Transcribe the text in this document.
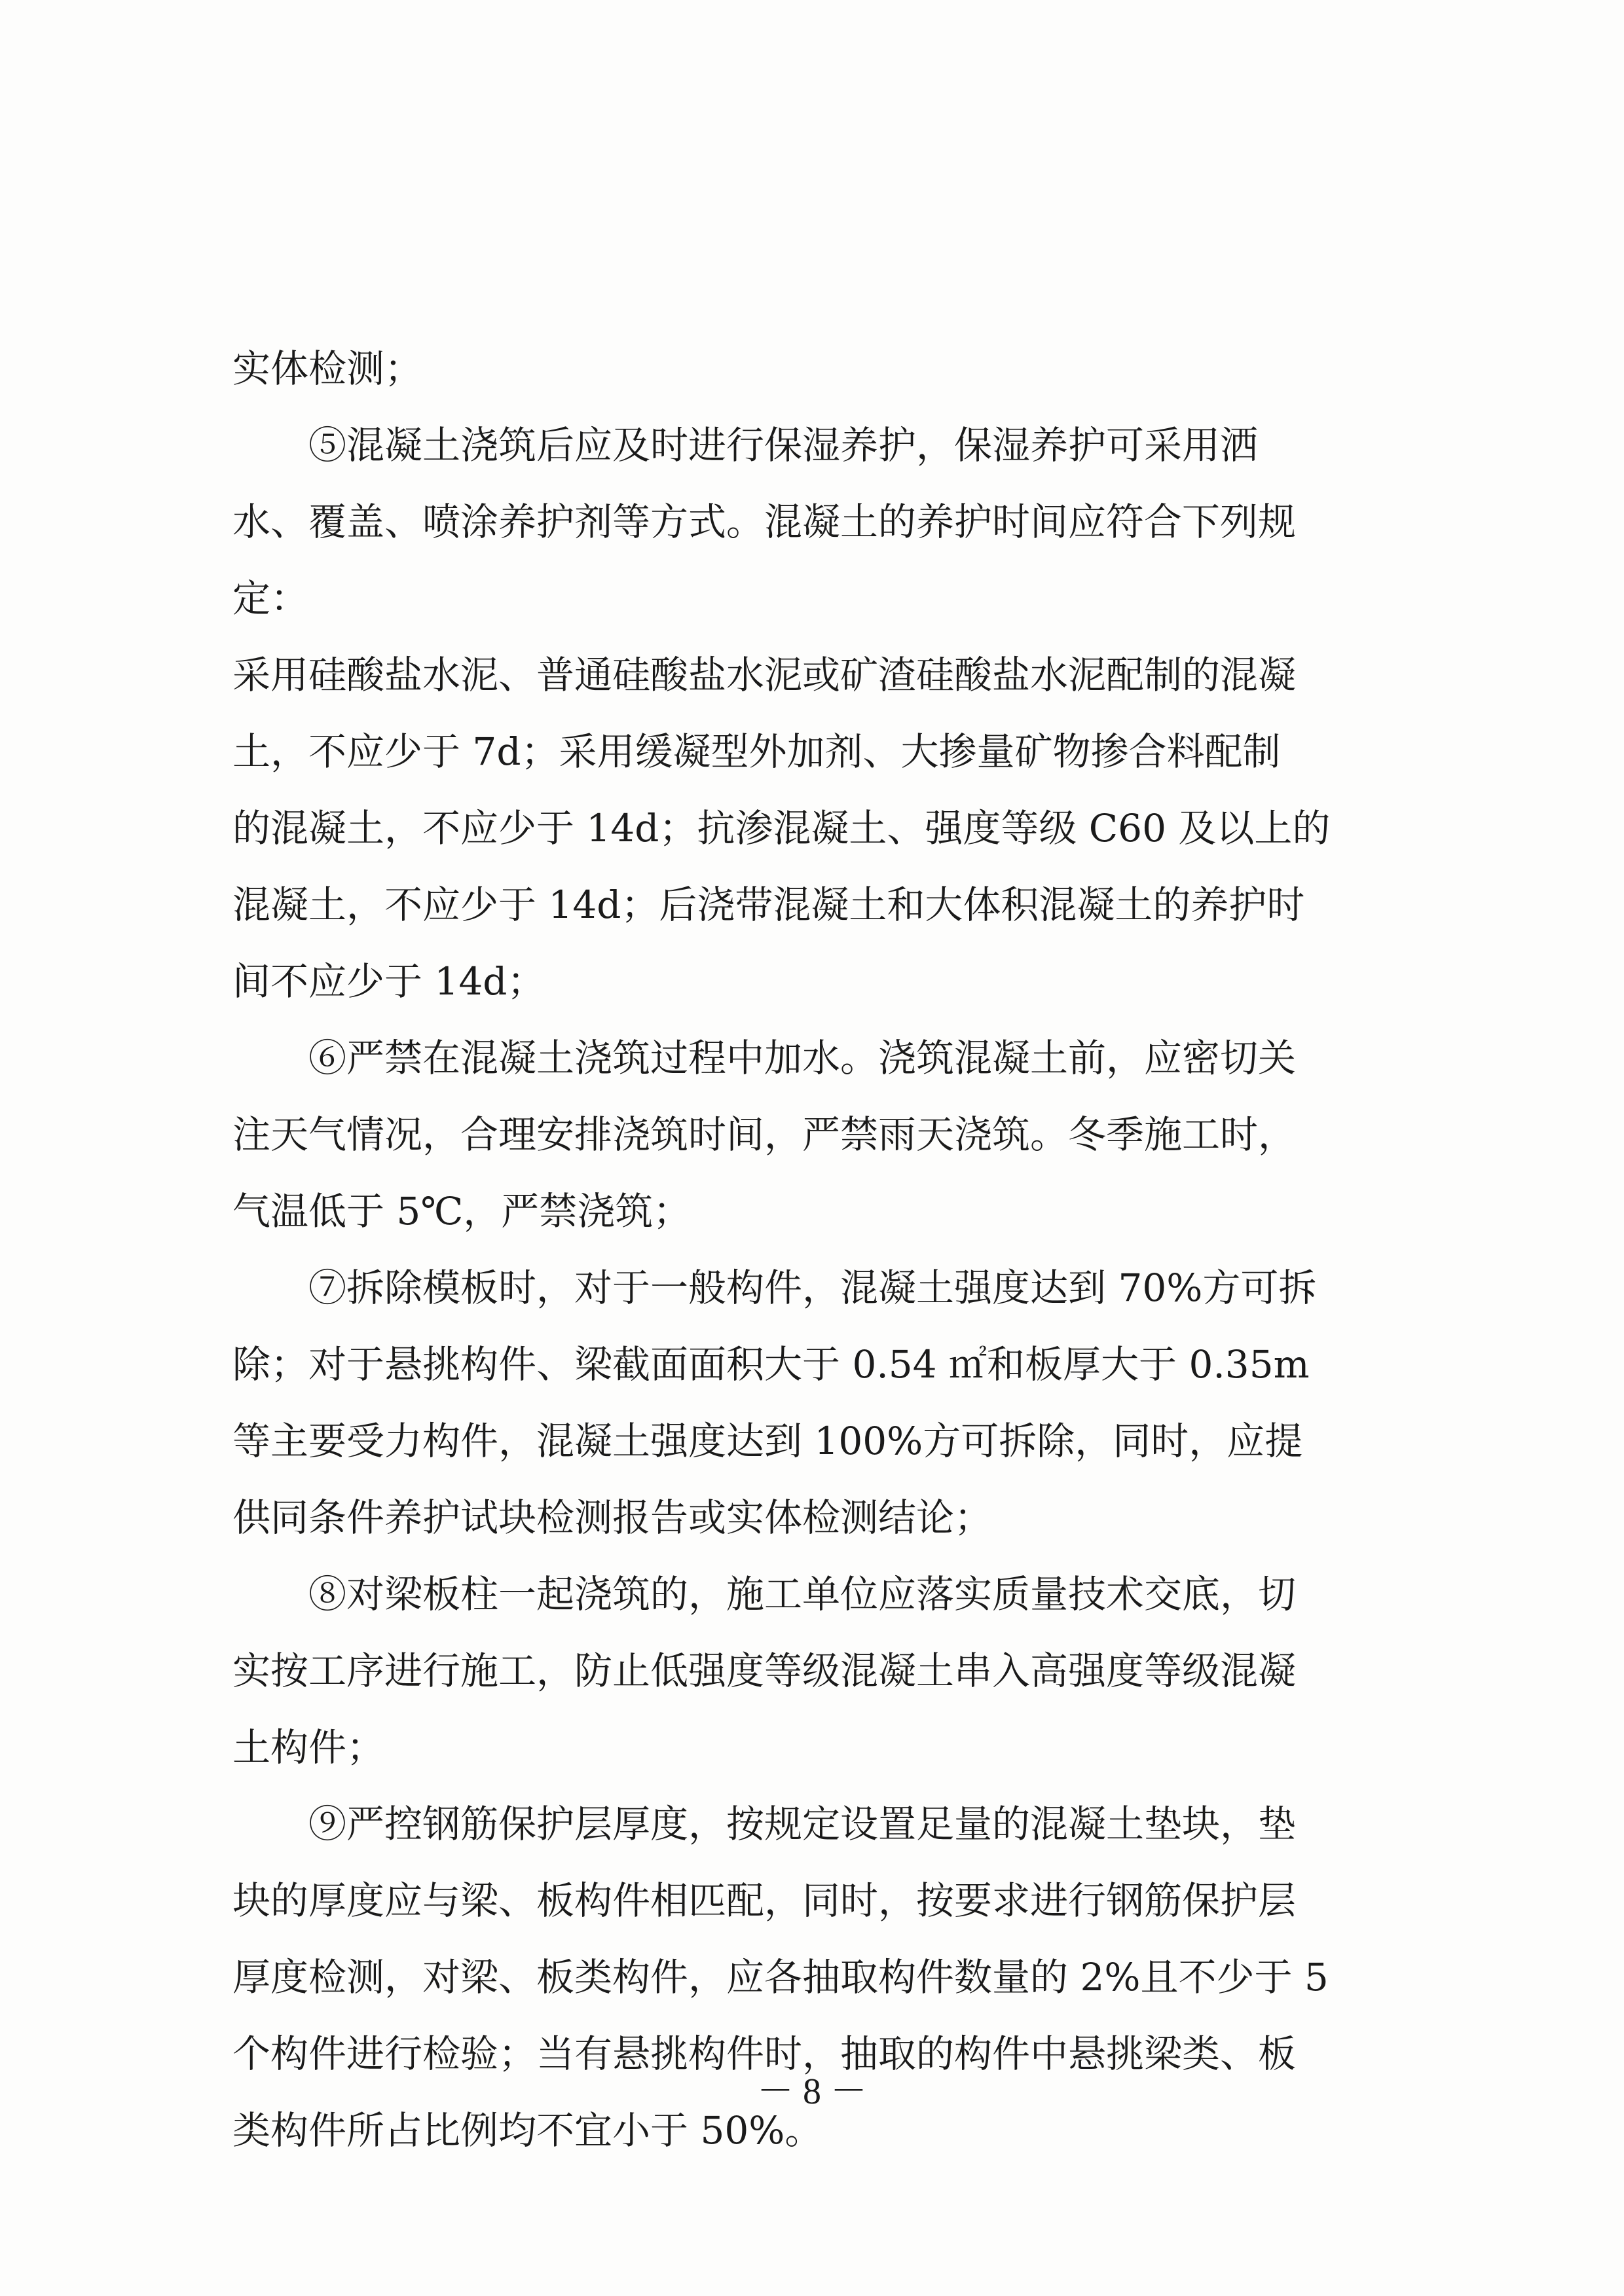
实体检测；
　　⑤混凝土浇筑后应及时进行保湿养护，保湿养护可采用洒
水、覆盖、喷涂养护剂等方式。混凝土的养护时间应符合下列规
定：
采用硅酸盐水泥、普通硅酸盐水泥或矿渣硅酸盐水泥配制的混凝
土，不应少于 7d；采用缓凝型外加剂、大掺量矿物掺合料配制
的混凝土，不应少于 14d；抗渗混凝土、强度等级 C60 及以上的
混凝土，不应少于 14d；后浇带混凝土和大体积混凝土的养护时
间不应少于 14d；
　　⑥严禁在混凝土浇筑过程中加水。浇筑混凝土前，应密切关
注天气情况，合理安排浇筑时间，严禁雨天浇筑。冬季施工时，
气温低于 5℃，严禁浇筑；
　　⑦拆除模板时，对于一般构件，混凝土强度达到 70%方可拆
除；对于悬挑构件、梁截面面积大于 0.54 ㎡和板厚大于 0.35m
等主要受力构件，混凝土强度达到 100%方可拆除，同时，应提
供同条件养护试块检测报告或实体检测结论；
　　⑧对梁板柱一起浇筑的，施工单位应落实质量技术交底，切
实按工序进行施工，防止低强度等级混凝土串入高强度等级混凝
土构件；
　　⑨严控钢筋保护层厚度，按规定设置足量的混凝土垫块，垫
块的厚度应与梁、板构件相匹配，同时，按要求进行钢筋保护层
厚度检测，对梁、板类构件，应各抽取构件数量的 2%且不少于 5
个构件进行检验；当有悬挑构件时，抽取的构件中悬挑梁类、板
类构件所占比例均不宜小于 50%。
－ 8 －
